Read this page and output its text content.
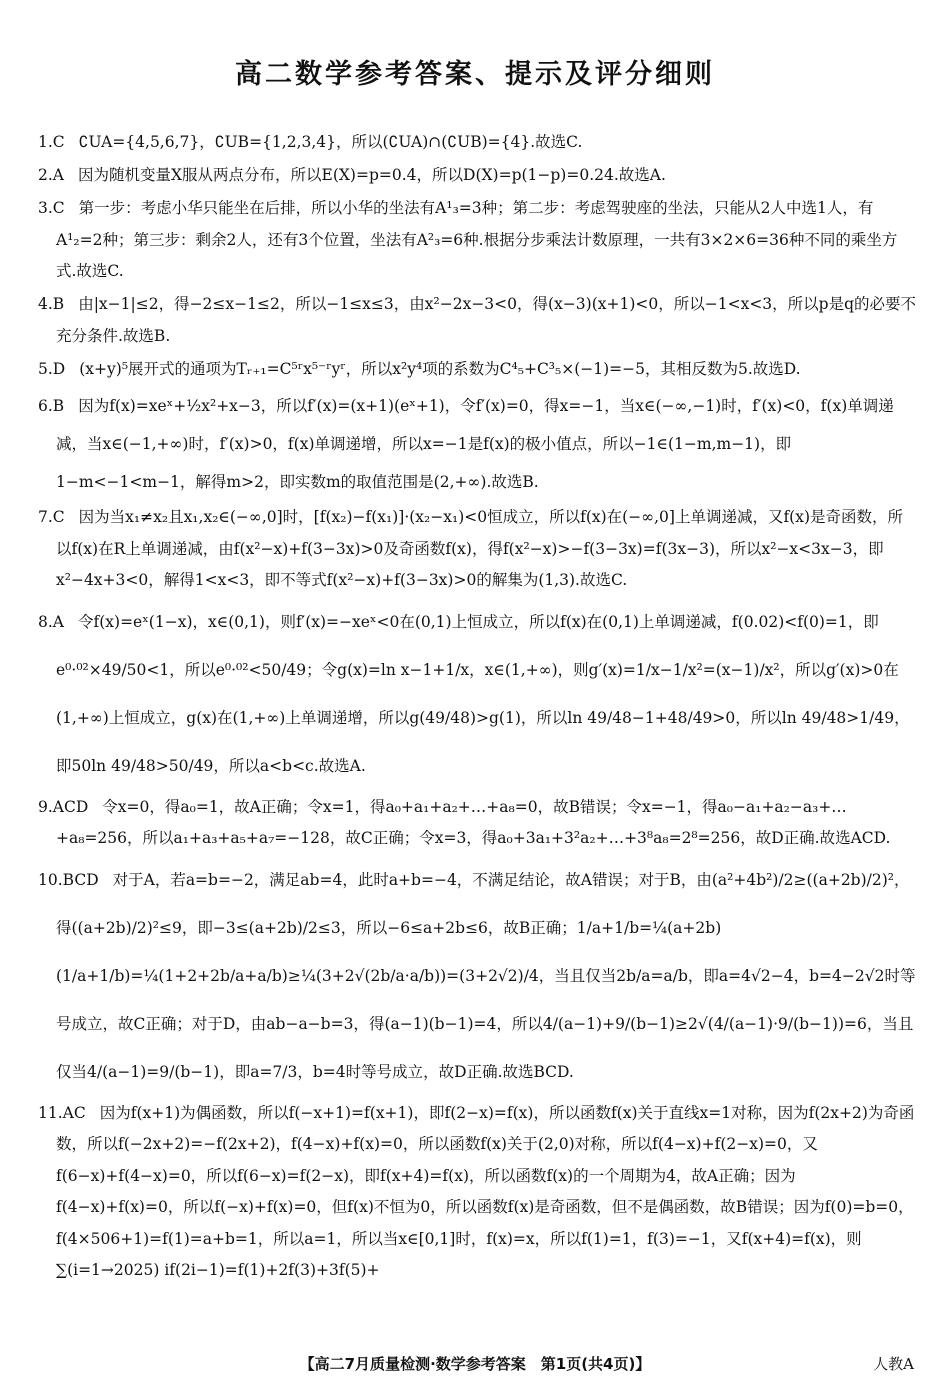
高二数学参考答案、提示及评分细则

1.C ∁UA={4,5,6,7}，∁UB={1,2,3,4}，所以(∁UA)∩(∁UB)={4}.故选C.

2.A 因为随机变量X服从两点分布，所以E(X)=p=0.4，所以D(X)=p(1−p)=0.24.故选A.

3.C 第一步：考虑小华只能坐在后排，所以小华的坐法有A¹₃=3种；第二步：考虑驾驶座的坐法，只能从2人中选1人，有A¹₂=2种；第三步：剩余2人，还有3个位置，坐法有A²₃=6种.根据分步乘法计数原理，一共有3×2×6=36种不同的乘坐方式.故选C.

4.B 由|x−1|≤2，得−2≤x−1≤2，所以−1≤x≤3，由x²−2x−3<0，得(x−3)(x+1)<0，所以−1<x<3，所以p是q的必要不充分条件.故选B.

5.D (x+y)⁵展开式的通项为Tᵣ₊₁=C⁵ʳx⁵⁻ʳyʳ，所以x²y⁴项的系数为C⁴₅+C³₅×(−1)=−5，其相反数为5.故选D.

6.B 因为f(x)=xeˣ+½x²+x−3，所以f′(x)=(x+1)(eˣ+1)，令f′(x)=0，得x=−1，当x∈(−∞,−1)时，f′(x)<0，f(x)单调递减，当x∈(−1,+∞)时，f′(x)>0，f(x)单调递增，所以x=−1是f(x)的极小值点，所以−1∈(1−m,m−1)，即1−m<−1<m−1，解得m>2，即实数m的取值范围是(2,+∞).故选B.

7.C 因为当x₁≠x₂且x₁,x₂∈(−∞,0]时，[f(x₂)−f(x₁)]·(x₂−x₁)<0恒成立，所以f(x)在(−∞,0]上单调递减，又f(x)是奇函数，所以f(x)在R上单调递减，由f(x²−x)+f(3−3x)>0及奇函数f(x)，得f(x²−x)>−f(3−3x)=f(3x−3)，所以x²−x<3x−3，即x²−4x+3<0，解得1<x<3，即不等式f(x²−x)+f(3−3x)>0的解集为(1,3).故选C.

8.A 令f(x)=eˣ(1−x)，x∈(0,1)，则f′(x)=−xeˣ<0在(0,1)上恒成立，所以f(x)在(0,1)上单调递减，f(0.02)<f(0)=1，即e⁰·⁰²×49/50<1，所以e⁰·⁰²<50/49；令g(x)=ln x−1+1/x，x∈(1,+∞)，则g′(x)=1/x−1/x²=(x−1)/x²，所以g′(x)>0在(1,+∞)上恒成立，g(x)在(1,+∞)上单调递增，所以g(49/48)>g(1)，所以ln 49/48−1+48/49>0，所以ln 49/48>1/49，即50ln 49/48>50/49，所以a<b<c.故选A.

9.ACD 令x=0，得a₀=1，故A正确；令x=1，得a₀+a₁+a₂+…+a₈=0，故B错误；令x=−1，得a₀−a₁+a₂−a₃+…+a₈=256，所以a₁+a₃+a₅+a₇=−128，故C正确；令x=3，得a₀+3a₁+3²a₂+…+3⁸a₈=2⁸=256，故D正确.故选ACD.

10.BCD 对于A，若a=b=−2，满足ab=4，此时a+b=−4，不满足结论，故A错误；对于B，由(a²+4b²)/2≥((a+2b)/2)²，得((a+2b)/2)²≤9，即−3≤(a+2b)/2≤3，所以−6≤a+2b≤6，故B正确；1/a+1/b=¼(a+2b)(1/a+1/b)=¼(1+2+2b/a+a/b)≥¼(3+2√(2b/a·a/b))=(3+2√2)/4，当且仅当2b/a=a/b，即a=4√2−4，b=4−2√2时等号成立，故C正确；对于D，由ab−a−b=3，得(a−1)(b−1)=4，所以4/(a−1)+9/(b−1)≥2√(4/(a−1)·9/(b−1))=6，当且仅当4/(a−1)=9/(b−1)，即a=7/3，b=4时等号成立，故D正确.故选BCD.

11.AC 因为f(x+1)为偶函数，所以f(−x+1)=f(x+1)，即f(2−x)=f(x)，所以函数f(x)关于直线x=1对称，因为f(2x+2)为奇函数，所以f(−2x+2)=−f(2x+2)，f(4−x)+f(x)=0，所以函数f(x)关于(2,0)对称，所以f(4−x)+f(2−x)=0，又f(6−x)+f(4−x)=0，所以f(6−x)=f(2−x)，即f(x+4)=f(x)，所以函数f(x)的一个周期为4，故A正确；因为f(4−x)+f(x)=0，所以f(−x)+f(x)=0，但f(x)不恒为0，所以函数f(x)是奇函数，但不是偶函数，故B错误；因为f(0)=b=0，f(4×506+1)=f(1)=a+b=1，所以a=1，所以当x∈[0,1]时，f(x)=x，所以f(1)=1，f(3)=−1，又f(x+4)=f(x)，则∑(i=1→2025) if(2i−1)=f(1)+2f(3)+3f(5)+

【高二7月质量检测·数学参考答案　第1页(共4页)】	人教A
